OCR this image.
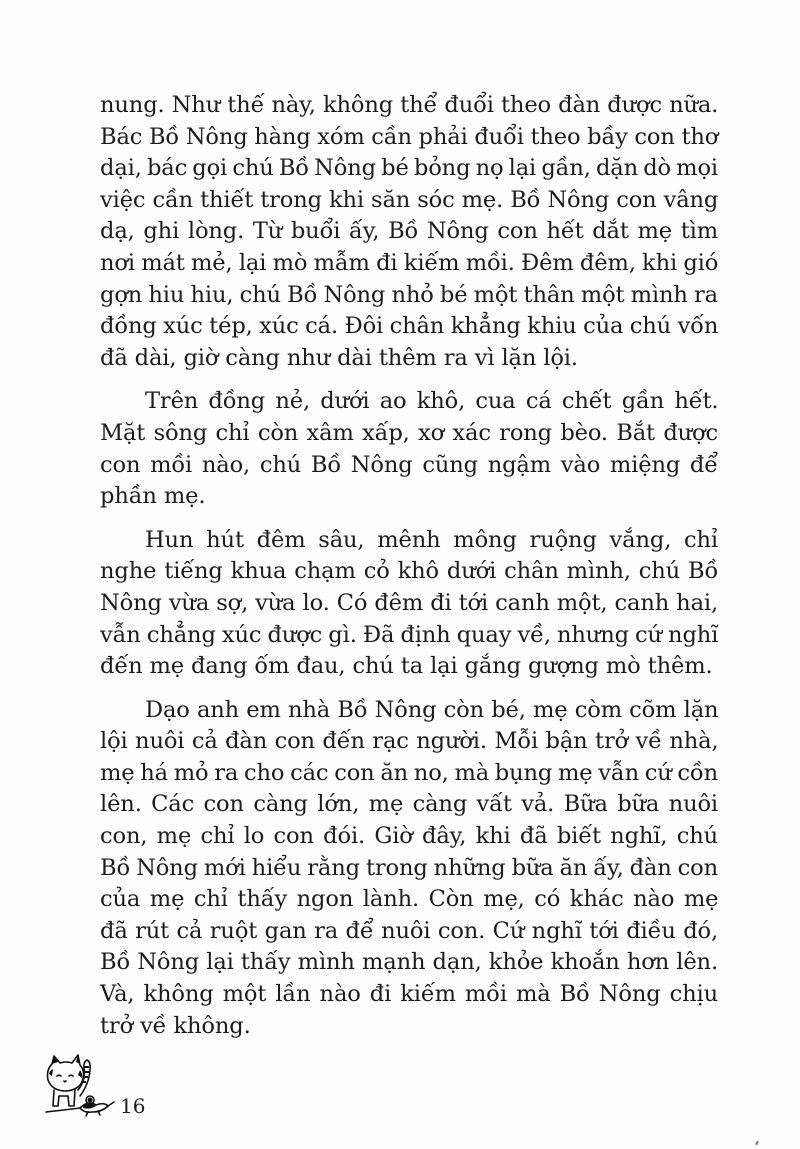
nung. Như thế này, không thể đuổi theo đàn được nữa.
Bác Bồ Nông hàng xóm cần phải đuổi theo bầy con thơ
dại, bác gọi chú Bồ Nông bé bỏng nọ lại gần, dặn dò mọi
việc cần thiết trong khi săn sóc mẹ. Bồ Nông con vâng
dạ, ghi lòng. Từ buổi ấy, Bồ Nông con hết dắt mẹ tìm
nơi mát mẻ, lại mò mẫm đi kiếm mồi. Đêm đêm, khi gió
gợn hiu hiu, chú Bồ Nông nhỏ bé một thân một mình ra
đồng xúc tép, xúc cá. Đôi chân khẳng khiu của chú vốn
đã dài, giờ càng như dài thêm ra vì lặn lội.

Trên đồng nẻ, dưới ao khô, cua cá chết gần hết.
Mặt sông chỉ còn xâm xấp, xơ xác rong bèo. Bắt được
con mồi nào, chú Bồ Nông cũng ngậm vào miệng để
phần mẹ.

Hun hút đêm sâu, mênh mông ruộng vắng, chỉ
nghe tiếng khua chạm cỏ khô dưới chân mình, chú Bồ
Nông vừa sợ, vừa lo. Có đêm đi tới canh một, canh hai,
vẫn chẳng xúc được gì. Đã định quay về, nhưng cứ nghĩ
đến mẹ đang ốm đau, chú ta lại gắng gượng mò thêm.

Dạo anh em nhà Bồ Nông còn bé, mẹ còm cõm lặn
lội nuôi cả đàn con đến rạc người. Mỗi bận trở về nhà,
mẹ há mỏ ra cho các con ăn no, mà bụng mẹ vẫn cứ cồn
lên. Các con càng lớn, mẹ càng vất vả. Bữa bữa nuôi
con, mẹ chỉ lo con đói. Giờ đây, khi đã biết nghĩ, chú
Bồ Nông mới hiểu rằng trong những bữa ăn ấy, đàn con
của mẹ chỉ thấy ngon lành. Còn mẹ, có khác nào mẹ
đã rút cả ruột gan ra để nuôi con. Cứ nghĩ tới điều đó,
Bồ Nông lại thấy mình mạnh dạn, khỏe khoắn hơn lên.
Và, không một lần nào đi kiếm mồi mà Bồ Nông chịu
trở về không.

16
